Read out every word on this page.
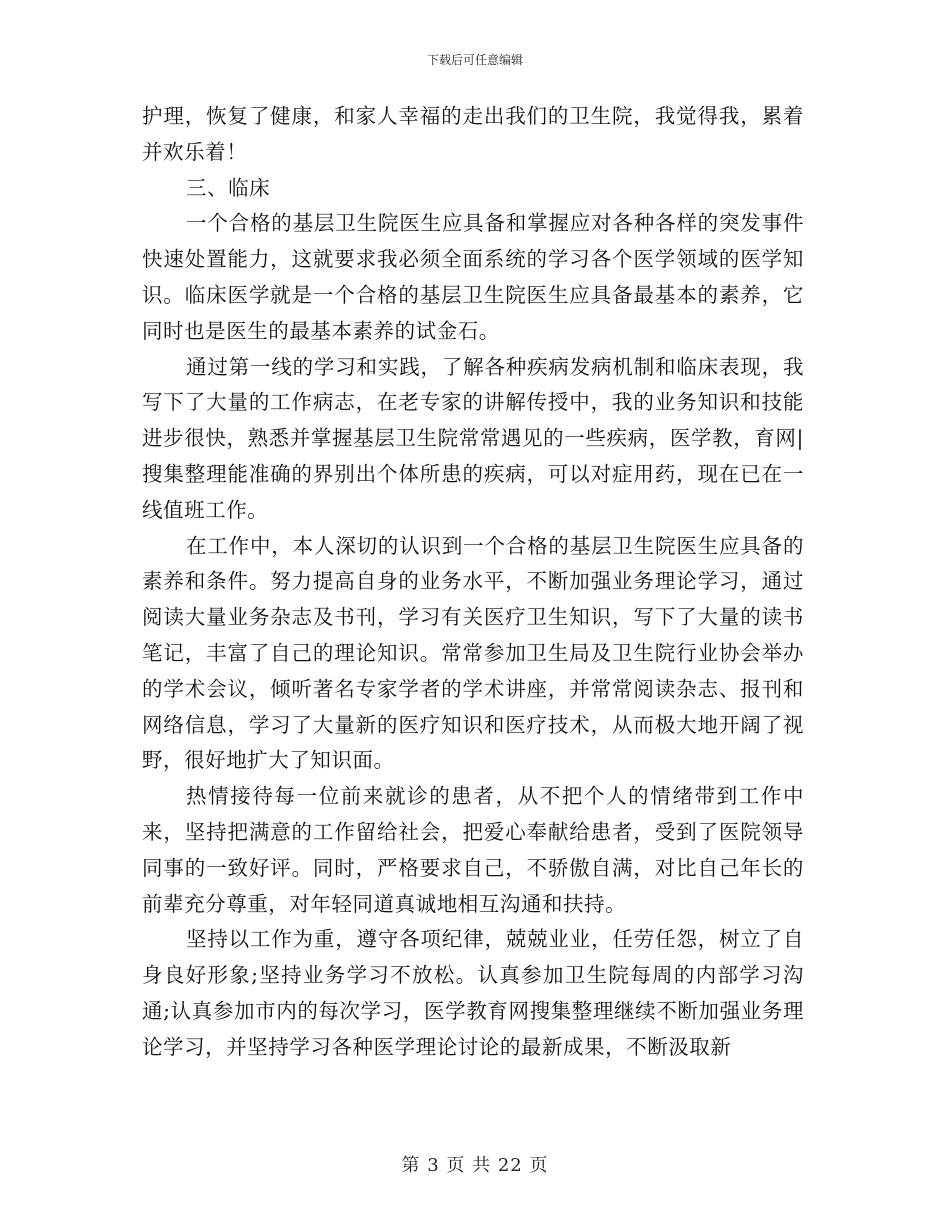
下载后可任意编辑

护理，恢复了健康，和家人幸福的走出我们的卫生院，我觉得我，累着并欢乐着！

三、临床

一个合格的基层卫生院医生应具备和掌握应对各种各样的突发事件快速处置能力，这就要求我必须全面系统的学习各个医学领域的医学知识。临床医学就是一个合格的基层卫生院医生应具备最基本的素养，它同时也是医生的最基本素养的试金石。

通过第一线的学习和实践，了解各种疾病发病机制和临床表现，我写下了大量的工作病志，在老专家的讲解传授中，我的业务知识和技能进步很快，熟悉并掌握基层卫生院常常遇见的一些疾病，医学教，育网|搜集整理能准确的界别出个体所患的疾病，可以对症用药，现在已在一线值班工作。

在工作中，本人深切的认识到一个合格的基层卫生院医生应具备的素养和条件。努力提高自身的业务水平，不断加强业务理论学习，通过阅读大量业务杂志及书刊，学习有关医疗卫生知识，写下了大量的读书笔记，丰富了自己的理论知识。常常参加卫生局及卫生院行业协会举办的学术会议，倾听著名专家学者的学术讲座，并常常阅读杂志、报刊和网络信息，学习了大量新的医疗知识和医疗技术，从而极大地开阔了视野，很好地扩大了知识面。

热情接待每一位前来就诊的患者，从不把个人的情绪带到工作中来，坚持把满意的工作留给社会，把爱心奉献给患者，受到了医院领导同事的一致好评。同时，严格要求自己，不骄傲自满，对比自己年长的前辈充分尊重，对年轻同道真诚地相互沟通和扶持。

坚持以工作为重，遵守各项纪律，兢兢业业，任劳任怨，树立了自身良好形象;坚持业务学习不放松。认真参加卫生院每周的内部学习沟通;认真参加市内的每次学习，医学教育网搜集整理继续不断加强业务理论学习，并坚持学习各种医学理论讨论的最新成果，不断汲取新

第 3 页 共 22 页
